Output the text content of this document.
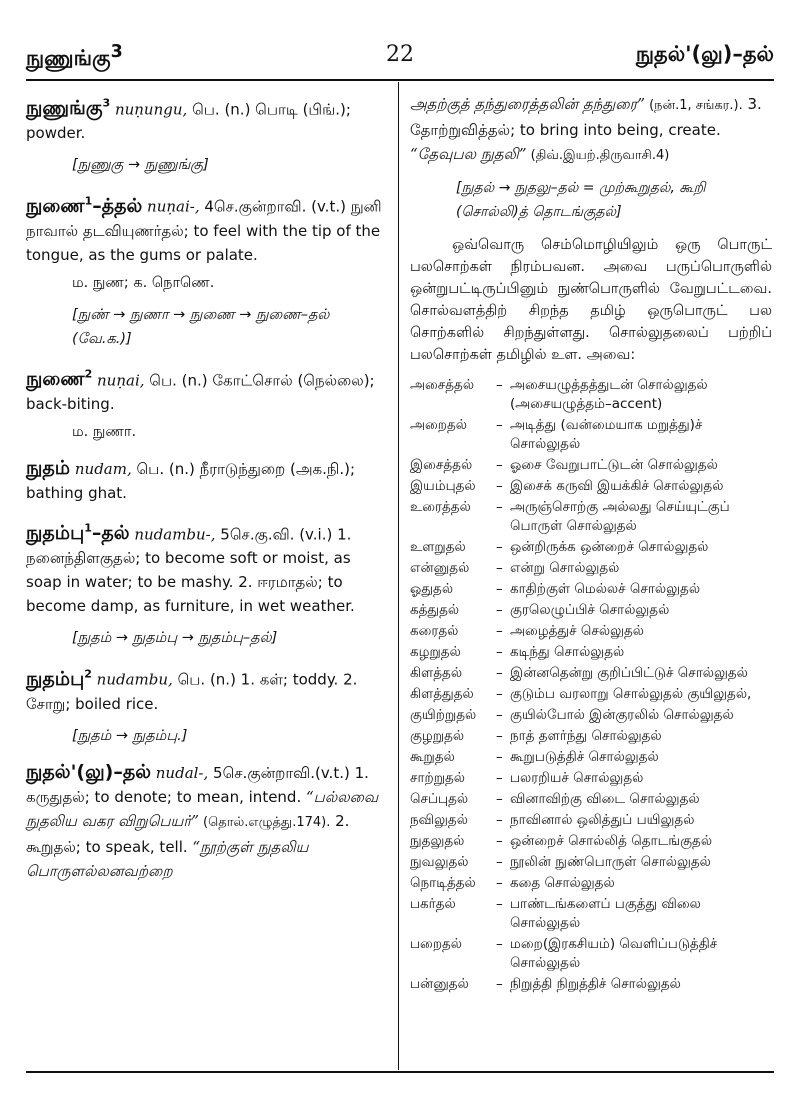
நுணுங்கு$^3$	22	நுதல்'(லு)–தல்

நுணுங்கு$^3$ nuṇungu, பெ. (n.) பொடி (பிங்.); powder.

[நுணுகு → நுணுங்கு]

நுணை$^1$–த்தல் nuṇai-, 4செ.குன்றாவி. (v.t.) நுனி நாவால் தடவியுணர்தல்; to feel with the tip of the tongue, as the gums or palate.

ம. நுண; க. நொணெ.

[நுண் → நுணா → நுணை → நுணை–தல் (வே.க.)]

நுணை$^2$ nuṇai, பெ. (n.) கோட்சொல் (நெல்லை); back-biting.

ம. நுணா.

நுதம் nudam, பெ. (n.) நீராடுந்துறை (அக.நி.); bathing ghat.

நுதம்பு$^1$–தல் nudambu-, 5செ.கு.வி. (v.i.) 1. நனைந்திளகுதல்; to become soft or moist, as soap in water; to be mashy. 2. ஈரமாதல்; to become damp, as furniture, in wet weather.

[நுதம் → நுதம்பு → நுதம்பு–தல்]

நுதம்பு$^2$ nudambu, பெ. (n.) 1. கள்; toddy. 2. சோறு; boiled rice.

[நுதம் → நுதம்பு.]

நுதல்'(லு)–தல் nudal-, 5செ.குன்றாவி.(v.t.) 1. கருதுதல்; to denote; to mean, intend. “பல்லவை நுதலிய வகர விறுபெயர்” (தொல்.எழுத்து.174). 2. கூறுதல்; to speak, tell. “நூற்குள் நுதலிய பொருளல்லனவற்றை

அதற்குத் தந்துரைத்தலின் தந்துரை” (நன்.1, சங்கர.). 3. தோற்றுவித்தல்; to bring into being, create. “தேவுபல நுதலி” (திவ்.இயற்.திருவாசி.4)

[நுதல் → நுதலு–தல் = முற்கூறுதல், கூறி (சொல்லி)த் தொடங்குதல்]

ஒவ்வொரு செம்மொழியிலும் ஒரு பொருட் பலசொற்கள் நிரம்பவன. அவை பருப்பொருளில் ஒன்றுபட்டிருப்பினும் நுண்பொருளில் வேறுபட்டவை. சொல்வளத்திற் சிறந்த தமிழ் ஒருபொருட் பல சொற்களில் சிறந்துள்ளது. சொல்லுதலைப் பற்றிப் பலசொற்கள் தமிழில் உள. அவை:

அசைத்தல்	–	அசையழுத்தத்துடன் சொல்லுதல் (அசையழுத்தம்–accent)
அறைதல்	–	அடித்து (வன்மையாக மறுத்து)ச் சொல்லுதல்
இசைத்தல்	–	ஓசை வேறுபாட்டுடன் சொல்லுதல்
இயம்புதல்	–	இசைக் கருவி இயக்கிச் சொல்லுதல்
உரைத்தல்	–	அருஞ்சொற்கு அல்லது செய்யுட்குப் பொருள் சொல்லுதல்
உளறுதல்	–	ஒன்றிருக்க ஒன்றைச் சொல்லுதல்
என்னுதல்	–	என்று சொல்லுதல்
ஓதுதல்	–	காதிற்குள் மெல்லச் சொல்லுதல்
கத்துதல்	–	குரலெழுப்பிச் சொல்லுதல்
கரைதல்	–	அழைத்துச் செல்லுதல்
கழறுதல்	–	கடிந்து சொல்லுதல்
கிளத்தல்	–	இன்னதென்று குறிப்பிட்டுச் சொல்லுதல்
கிளத்துதல்	–	குடும்ப வரலாறு சொல்லுதல் குயிலுதல்,
குயிற்றுதல்	–	குயில்போல் இன்குரலில் சொல்லுதல்
குழறுதல்	–	நாத் தளர்ந்து சொல்லுதல்
கூறுதல்	–	கூறுபடுத்திச் சொல்லுதல்
சாற்றுதல்	–	பலரறியச் சொல்லுதல்
செப்புதல்	–	வினாவிற்கு விடை சொல்லுதல்
நவிலுதல்	–	நாவினால் ஒலித்துப் பயிலுதல்
நுதலுதல்	–	ஒன்றைச் சொல்லித் தொடங்குதல்
நுவலுதல்	–	நூலின் நுண்பொருள் சொல்லுதல்
நொடித்தல்	–	கதை சொல்லுதல்
பகர்தல்	–	பாண்டங்களைப் பகுத்து விலை சொல்லுதல்
பறைதல்	–	மறை(இரகசியம்) வெளிப்படுத்திச் சொல்லுதல்
பன்னுதல்	–	நிறுத்தி நிறுத்திச் சொல்லுதல்
